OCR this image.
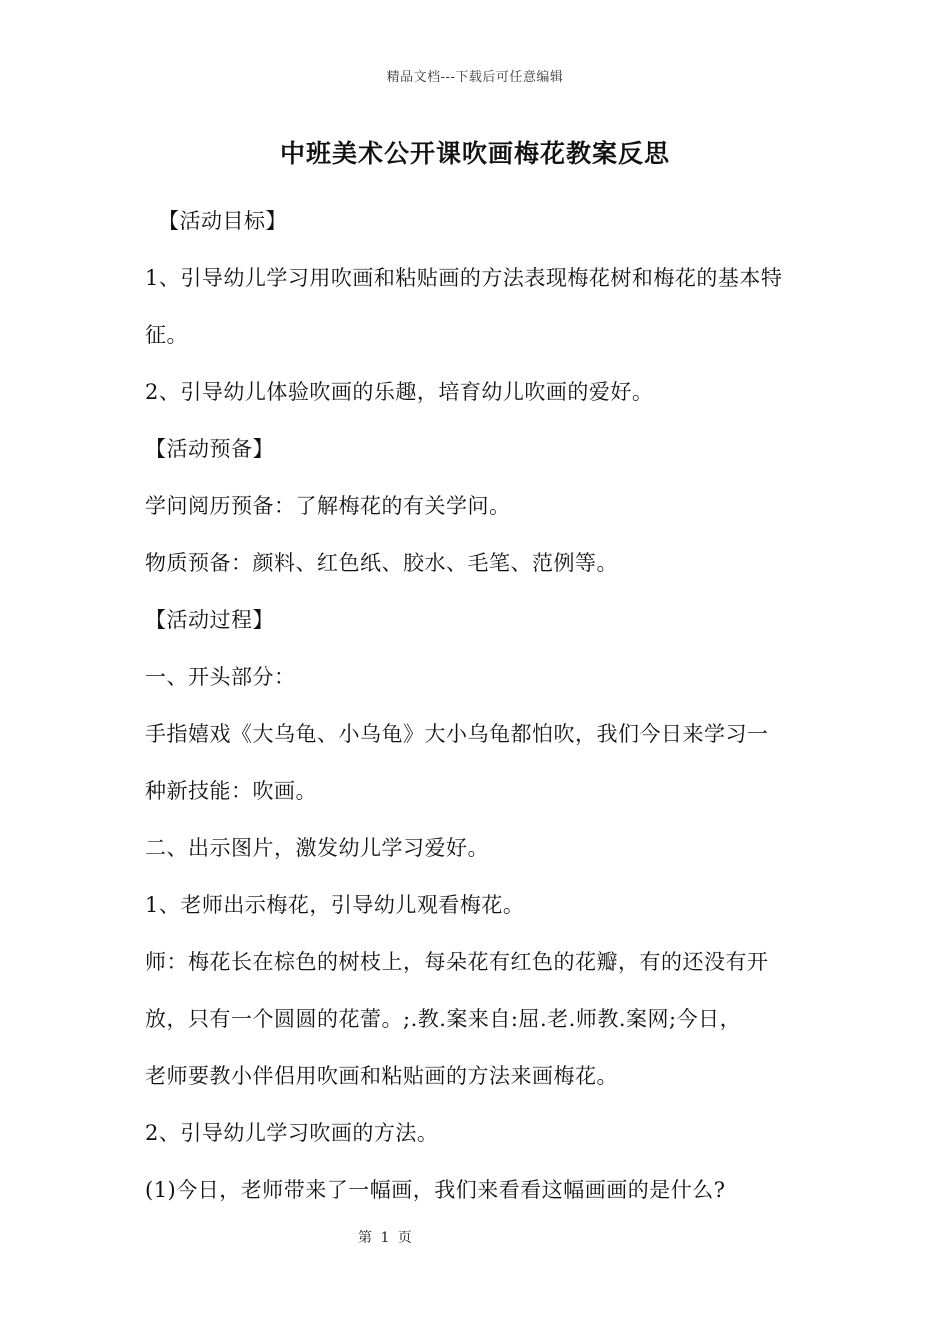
精品文档---下载后可任意编辑
中班美术公开课吹画梅花教案反思
【活动目标】
1、引导幼儿学习用吹画和粘贴画的方法表现梅花树和梅花的基本特
征。
2、引导幼儿体验吹画的乐趣，培育幼儿吹画的爱好。
【活动预备】
学问阅历预备：了解梅花的有关学问。
物质预备：颜料、红色纸、胶水、毛笔、范例等。
【活动过程】
一、开头部分：
手指嬉戏《大乌龟、小乌龟》大小乌龟都怕吹，我们今日来学习一
种新技能：吹画。
二、出示图片，激发幼儿学习爱好。
1、老师出示梅花，引导幼儿观看梅花。
师：梅花长在棕色的树枝上，每朵花有红色的花瓣，有的还没有开
放，只有一个圆圆的花蕾。;.教.案来自:屈.老.师教.案网;今日，
老师要教小伴侣用吹画和粘贴画的方法来画梅花。
2、引导幼儿学习吹画的方法。
(1)今日，老师带来了一幅画，我们来看看这幅画画的是什么?
第 1 页
